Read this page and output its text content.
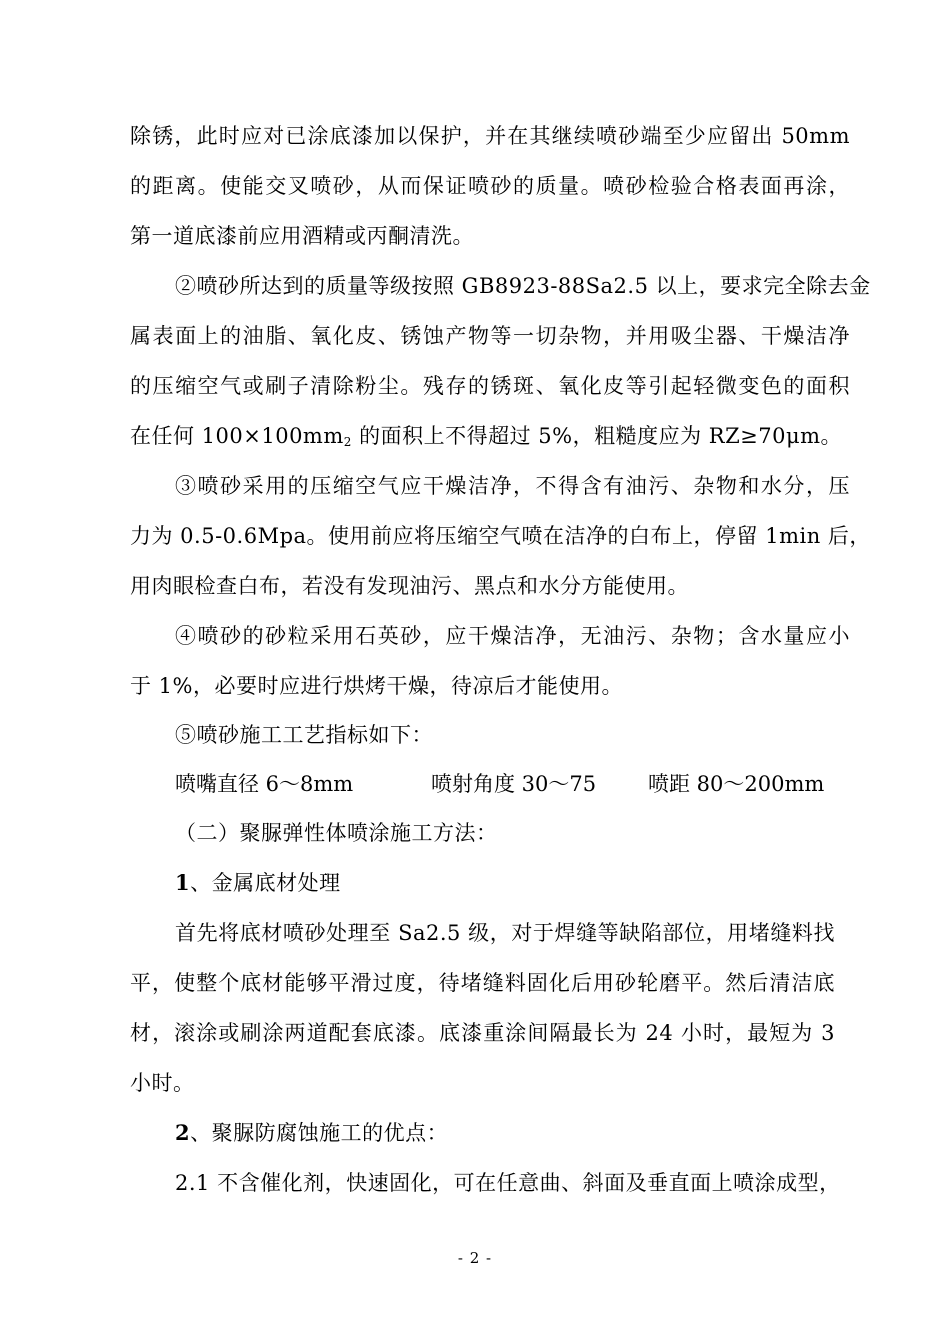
除锈，此时应对已涂底漆加以保护，并在其继续喷砂端至少应留出 50mm
的距离。使能交叉喷砂，从而保证喷砂的质量。喷砂检验合格表面再涂，
第一道底漆前应用酒精或丙酮清洗。
②喷砂所达到的质量等级按照 GB8923-88Sa2.5 以上，要求完全除去金
属表面上的油脂、氧化皮、锈蚀产物等一切杂物，并用吸尘器、干燥洁净
的压缩空气或刷子清除粉尘。残存的锈斑、氧化皮等引起轻微变色的面积
在任何 $100\times 100mm^2$ 的面积上不得超过 5%，粗糙度应为 RZ≥70μm。
③喷砂采用的压缩空气应干燥洁净，不得含有油污、杂物和水分，压
力为 0.5-0.6Mpa。使用前应将压缩空气喷在洁净的白布上，停留 1min 后，
用肉眼检查白布，若没有发现油污、黑点和水分方能使用。
④喷砂的砂粒采用石英砂，应干燥洁净，无油污、杂物；含水量应小
于 1%，必要时应进行烘烤干燥，待凉后才能使用。
⑤喷砂施工工艺指标如下：
喷嘴直径 6～8mm	喷射角度 30～75 喷距 80～200mm
（二）聚脲弹性体喷涂施工方法：
1、金属底材处理
首先将底材喷砂处理至 Sa2.5 级，对于焊缝等缺陷部位，用堵缝料找
平，使整个底材能够平滑过度，待堵缝料固化后用砂轮磨平。然后清洁底
材，滚涂或刷涂两道配套底漆。底漆重涂间隔最长为 24 小时，最短为 3
小时。
2、聚脲防腐蚀施工的优点：
2.1 不含催化剂，快速固化，可在任意曲、斜面及垂直面上喷涂成型，
- 2 -
